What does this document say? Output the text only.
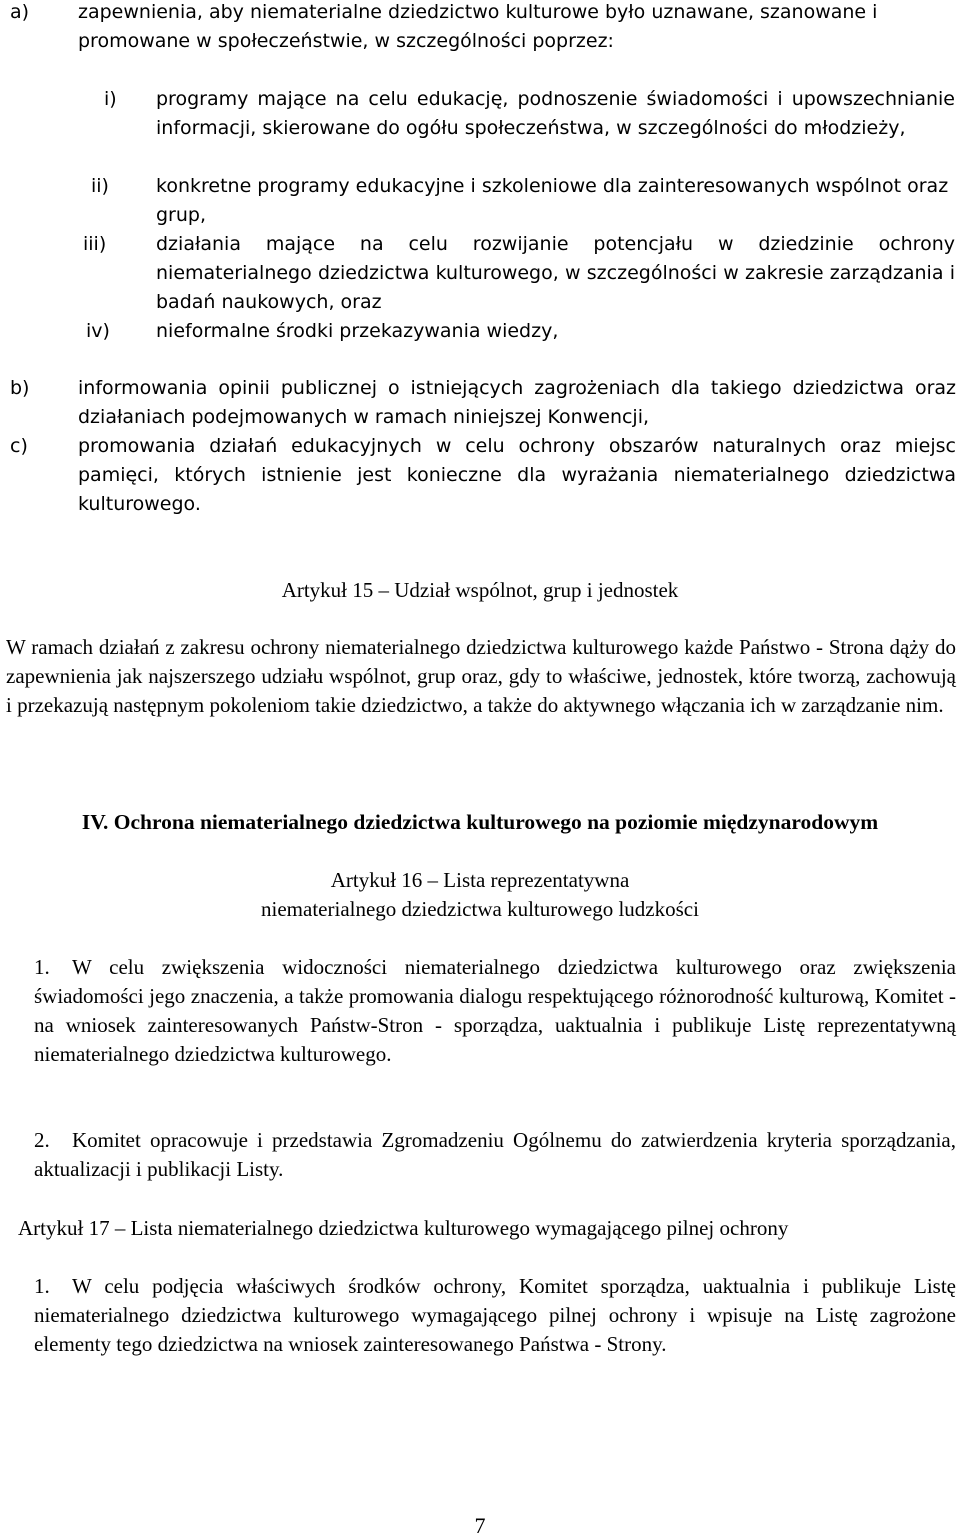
a)	zapewnienia, aby niematerialne dziedzictwo kulturowe było uznawane, szanowane i promowane w społeczeństwie, w szczególności poprzez:
i)	programy mające na celu edukację, podnoszenie świadomości i upowszechnianie informacji, skierowane do ogółu społeczeństwa, w szczególności do młodzieży,
ii)	konkretne programy edukacyjne i szkoleniowe dla zainteresowanych wspólnot oraz grup,
iii)	działania mające na celu rozwijanie potencjału w dziedzinie ochrony niematerialnego dziedzictwa kulturowego, w szczególności w zakresie zarządzania i badań naukowych, oraz
iv)	nieformalne środki przekazywania wiedzy,
b)	informowania opinii publicznej o istniejących zagrożeniach dla takiego dziedzictwa oraz działaniach podejmowanych w ramach niniejszej Konwencji,
c)	promowania działań edukacyjnych w celu ochrony obszarów naturalnych oraz miejsc pamięci, których istnienie jest konieczne dla wyrażania niematerialnego dziedzictwa kulturowego.
Artykuł 15 – Udział wspólnot, grup i jednostek
W ramach działań z zakresu ochrony niematerialnego dziedzictwa kulturowego każde Państwo - Strona dąży do zapewnienia jak najszerszego udziału wspólnot, grup oraz, gdy to właściwe, jednostek, które tworzą, zachowują i przekazują następnym pokoleniom takie dziedzictwo, a także do aktywnego włączania ich w zarządzanie nim.
IV. Ochrona niematerialnego dziedzictwa kulturowego na poziomie międzynarodowym
Artykuł 16 – Lista reprezentatywna
niematerialnego dziedzictwa kulturowego ludzkości
1.	W celu zwiększenia widoczności niematerialnego dziedzictwa kulturowego oraz zwiększenia świadomości jego znaczenia, a także promowania dialogu respektującego różnorodność kulturową, Komitet - na wniosek zainteresowanych Państw-Stron - sporządza, uaktualnia i publikuje Listę reprezentatywną niematerialnego dziedzictwa kulturowego.
2.	Komitet opracowuje i przedstawia Zgromadzeniu Ogólnemu do zatwierdzenia kryteria sporządzania, aktualizacji i publikacji Listy.
Artykuł 17 – Lista niematerialnego dziedzictwa kulturowego wymagającego pilnej ochrony
1.	W celu podjęcia właściwych środków ochrony, Komitet sporządza, uaktualnia i publikuje Listę niematerialnego dziedzictwa kulturowego wymagającego pilnej ochrony i wpisuje na Listę zagrożone elementy tego dziedzictwa na wniosek zainteresowanego Państwa - Strony.
7
